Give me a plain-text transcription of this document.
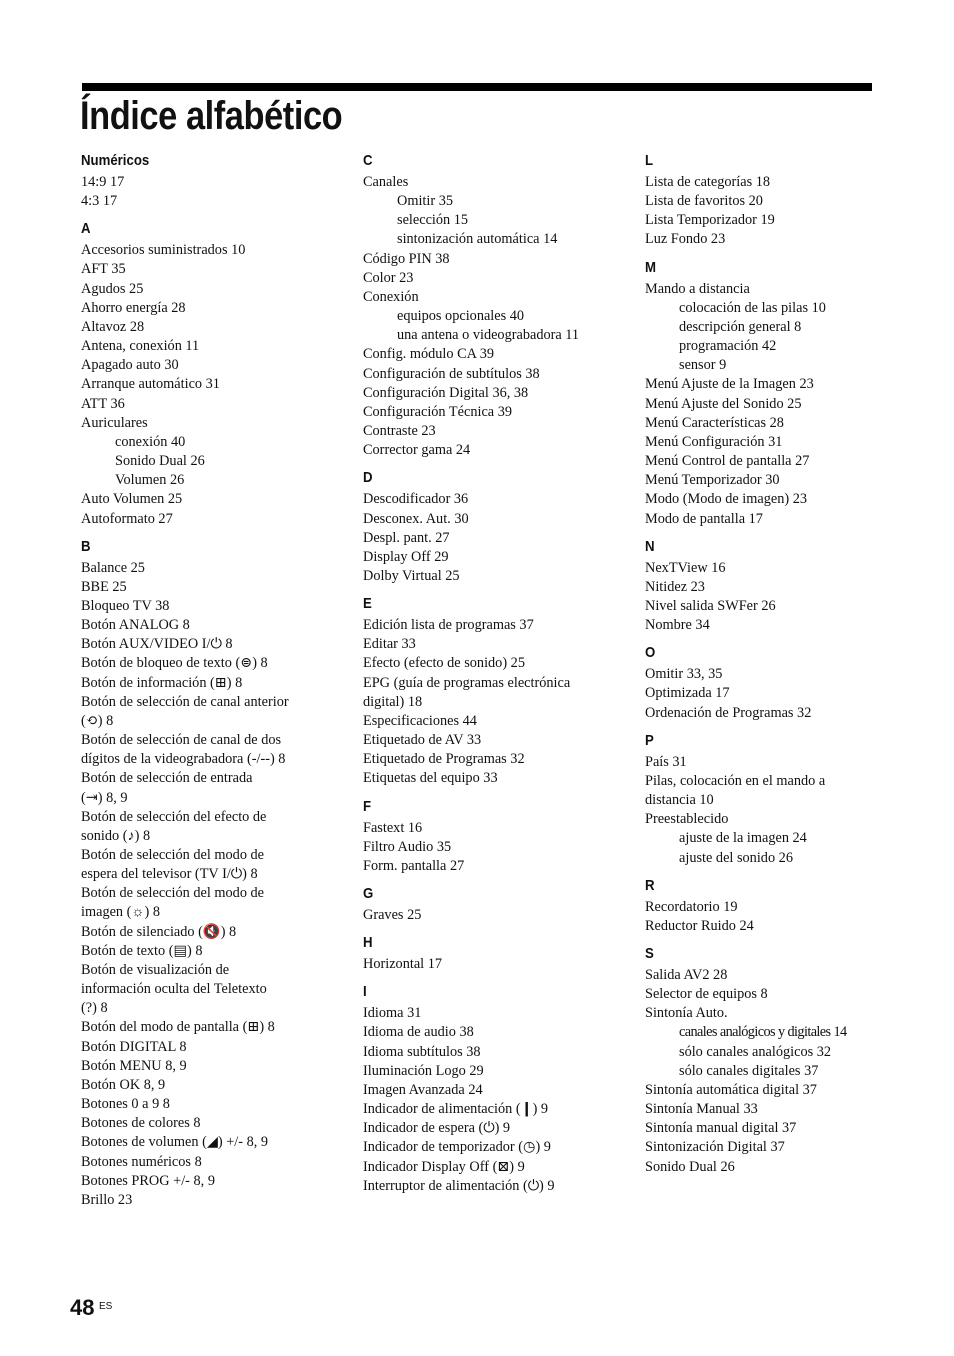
Índice alfabético
Numéricos
14:9 17
4:3 17
A
Accesorios suministrados 10
AFT 35
Agudos 25
Ahorro energía 28
Altavoz 28
Antena, conexión 11
Apagado auto 30
Arranque automático 31
ATT 36
Auriculares
conexión 40
Sonido Dual 26
Volumen 26
Auto Volumen 25
Autoformato 27
B
Balance 25
BBE 25
Bloqueo TV 38
Botón ANALOG 8
Botón AUX/VIDEO I/⏻ 8
Botón de bloqueo de texto (⊜) 8
Botón de información (⊞) 8
Botón de selección de canal anterior
(⟲) 8
Botón de selección de canal de dos
dígitos de la videograbadora (-/--) 8
Botón de selección de entrada
(⇥) 8, 9
Botón de selección del efecto de
sonido (♪) 8
Botón de selección del modo de
espera del televisor (TV I/⏻) 8
Botón de selección del modo de
imagen (☼) 8
Botón de silenciado (🔇) 8
Botón de texto (▤) 8
Botón de visualización de
información oculta del Teletexto
(?) 8
Botón del modo de pantalla (⊞) 8
Botón DIGITAL 8
Botón MENU 8, 9
Botón OK 8, 9
Botones 0 a 9 8
Botones de colores 8
Botones de volumen (◢) +/- 8, 9
Botones numéricos 8
Botones PROG +/- 8, 9
Brillo 23
C
Canales
Omitir 35
selección 15
sintonización automática 14
Código PIN 38
Color 23
Conexión
equipos opcionales 40
una antena o videograbadora 11
Config. módulo CA 39
Configuración de subtítulos 38
Configuración Digital 36, 38
Configuración Técnica 39
Contraste 23
Corrector gama 24
D
Descodificador 36
Desconex. Aut. 30
Despl. pant. 27
Display Off 29
Dolby Virtual 25
E
Edición lista de programas 37
Editar 33
Efecto (efecto de sonido) 25
EPG (guía de programas electrónica
digital) 18
Especificaciones 44
Etiquetado de AV 33
Etiquetado de Programas 32
Etiquetas del equipo 33
F
Fastext 16
Filtro Audio 35
Form. pantalla 27
G
Graves 25
H
Horizontal 17
I
Idioma 31
Idioma de audio 38
Idioma subtítulos 38
Iluminación Logo 29
Imagen Avanzada 24
Indicador de alimentación (❙) 9
Indicador de espera (⏻) 9
Indicador de temporizador (◷) 9
Indicador Display Off (⊠) 9
Interruptor de alimentación (⏻) 9
L
Lista de categorías 18
Lista de favoritos 20
Lista Temporizador 19
Luz Fondo 23
M
Mando a distancia
colocación de las pilas 10
descripción general 8
programación 42
sensor 9
Menú Ajuste de la Imagen 23
Menú Ajuste del Sonido 25
Menú Características 28
Menú Configuración 31
Menú Control de pantalla 27
Menú Temporizador 30
Modo (Modo de imagen) 23
Modo de pantalla 17
N
NexTView 16
Nitidez 23
Nivel salida SWFer 26
Nombre 34
O
Omitir 33, 35
Optimizada 17
Ordenación de Programas 32
P
País 31
Pilas, colocación en el mando a
distancia 10
Preestablecido
ajuste de la imagen 24
ajuste del sonido 26
R
Recordatorio 19
Reductor Ruido 24
S
Salida AV2 28
Selector de equipos 8
Sintonía Auto.
canales analógicos y digitales 14
sólo canales analógicos 32
sólo canales digitales 37
Sintonía automática digital 37
Sintonía Manual 33
Sintonía manual digital 37
Sintonización Digital 37
Sonido Dual 26
48 ES
